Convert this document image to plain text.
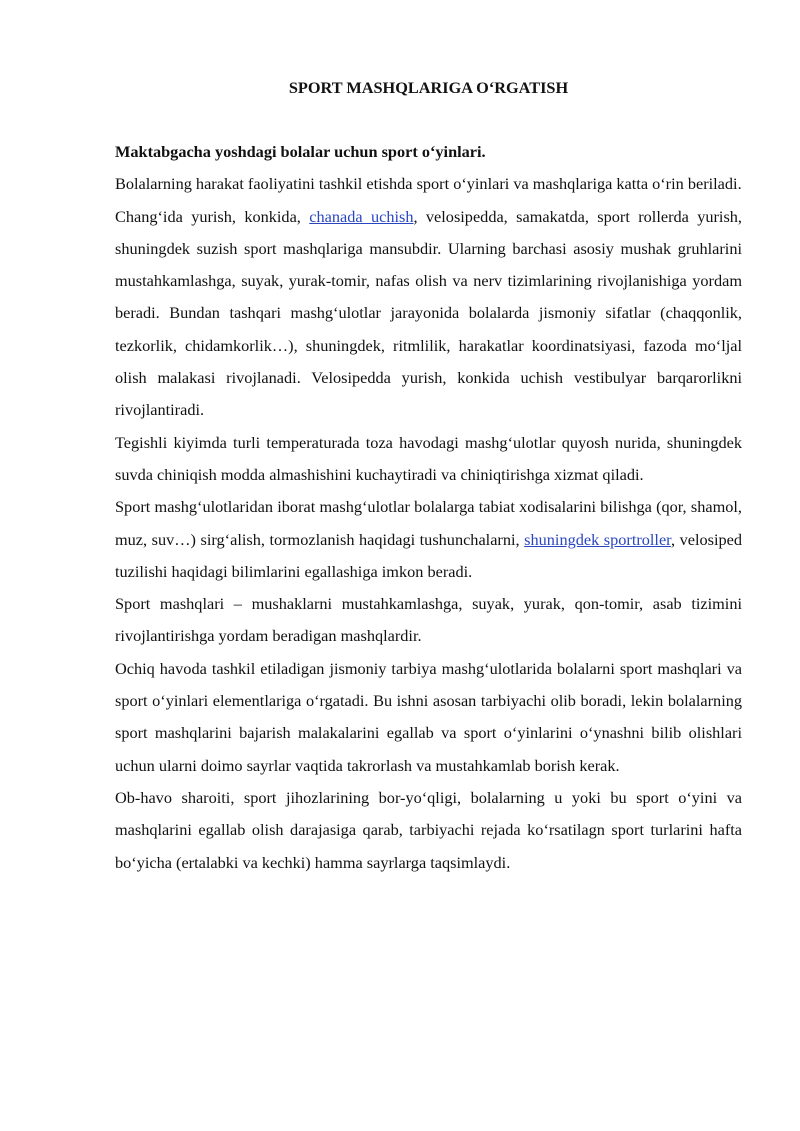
SPORT MASHQLARIGA O‘RGATISH
Maktabgacha yoshdagi bolalar uchun sport o‘yinlari.

Bolalarning harakat faoliyatini tashkil etishda sport o‘yinlari va mashqlariga katta o‘rin beriladi.

Chang‘ida yurish, konkida, chanada uchish, velosipedda, samakatda, sport rollerda yurish, shuningdek suzish sport mashqlariga mansubdir. Ularning barchasi asosiy mushak gruhlarini mustahkamlashga, suyak, yurak-tomir, nafas olish va nerv tizimlarining rivojlanishiga yordam beradi. Bundan tashqari mashg‘ulotlar jarayonida bolalarda jismoniy sifatlar (chaqqonlik, tezkorlik, chidamkorlik…), shuningdek, ritmlilik, harakatlar koordinatsiyasi, fazoda mo‘ljal olish malakasi rivojlanadi. Velosipedda yurish, konkida uchish vestibulyar barqarorlikni rivojlantiradi.

Tegishli kiyimda turli temperaturada toza havodagi mashg‘ulotlar quyosh nurida, shuningdek suvda chiniqish modda almashishini kuchaytiradi va chiniqtirishga xizmat qiladi.

Sport mashg‘ulotlaridan iborat mashg‘ulotlar bolalarga tabiat xodisalarini bilishga (qor, shamol, muz, suv…) sirg‘alish, tormozlanish haqidagi tushunchalarni, shuningdek sportroller, velosiped tuzilishi haqidagi bilimlarini egallashiga imkon beradi.

Sport mashqlari – mushaklarni mustahkamlashga, suyak, yurak, qon-tomir, asab tizimini rivojlantirishga yordam beradigan mashqlardir.

Ochiq havoda tashkil etiladigan jismoniy tarbiya mashg‘ulotlarida bolalarni sport mashqlari va sport o‘yinlari elementlariga o‘rgatadi. Bu ishni asosan tarbiyachi olib boradi, lekin bolalarning sport mashqlarini bajarish malakalarini egallab va sport o‘yinlarini o‘ynashni bilib olishlari uchun ularni doimo sayrlar vaqtida takrorlash va mustahkamlab borish kerak.

Ob-havo sharoiti, sport jihozlarining bor-yo‘qligi, bolalarning u yoki bu sport o‘yini va mashqlarini egallab olish darajasiga qarab, tarbiyachi rejada ko‘rsatilagn sport turlarini hafta bo‘yicha (ertalabki va kechki) hamma sayrlarga taqsimlaydi.
